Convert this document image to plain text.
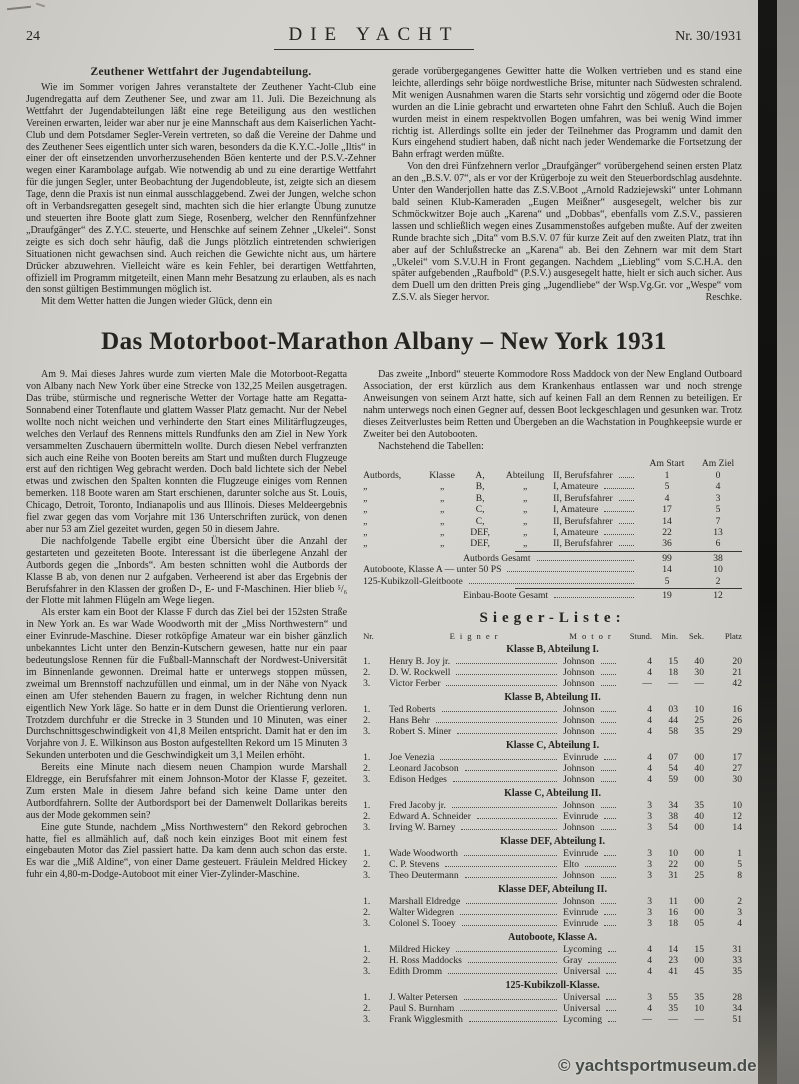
24	DIE YACHT	Nr. 30/1931
Zeuthener Wettfahrt der Jugendabteilung.

Wie im Sommer vorigen Jahres veranstaltete der Zeuthener Yacht-Club eine Jugendregatta auf dem Zeuthener See, und zwar am 11. Juli. Die Bezeichnung als Wettfahrt der Jugendabteilungen läßt eine rege Beteiligung aus den westlichen Vereinen erwarten, leider war aber nur je eine Mannschaft aus dem Kaiserlichen Yacht-Club und dem Potsdamer Segler-Verein vertreten, so daß die Vereine der Dahme und des Zeuthener Sees eigentlich unter sich waren, besonders da die K.Y.C.-Jolle „Iltis“ in einer der oft einsetzenden unvorherzusehenden Böen kenterte und der P.S.V.-Zehner wegen einer Karambolage aufgab. Wie notwendig ab und zu eine derartige Wettfahrt für die jungen Segler, unter Beobachtung der Jugendobleute, ist, zeigte sich an diesem Tage, denn die Praxis ist nun einmal ausschlaggebend. Zwei der Jungen, welche schon oft in Verbandsregatten gesegelt sind, machten sich die hier erlangte Übung zunutze und steuerten ihre Boote glatt zum Siege, Rosenberg, welcher den Rennfünfzehner „Draufgänger“ des Z.Y.C. steuerte, und Henschke auf seinem Zehner „Ukelei“. Sonst zeigte es sich doch sehr häufig, daß die Jungs plötzlich eintretenden schwierigen Situationen nicht gewachsen sind. Auch reichen die Gewichte nicht aus, um härtere Drücker abzuwehren. Vielleicht wäre es kein Fehler, bei derartigen Wettfahrten, offiziell im Programm mitgeteilt, einen Mann mehr Besatzung zu erlauben, als es nach den sonst gültigen Bestimmungen möglich ist.

Mit dem Wetter hatten die Jungen wieder Glück, denn ein

gerade vorübergegangenes Gewitter hatte die Wolken vertrieben und es stand eine leichte, allerdings sehr böige nordwestliche Brise, mitunter nach Südwesten schralend. Mit wenigen Ausnahmen waren die Starts sehr vorsichtig und zögernd oder die Boote wurden an die Linie gebracht und erwarteten ohne Fahrt den Schluß. Auch die Bojen wurden meist in einem respektvollen Bogen umfahren, was bei wenig Wind immer richtig ist. Allerdings sollte ein jeder der Teilnehmer das Programm und damit den Kurs eingehend studiert haben, daß nicht nach jeder Wendemarke die Fortsetzung der Bahn erfragt werden müßte.

Von den drei Fünfzehnern verlor „Draufgänger“ vorübergehend seinen ersten Platz an den „B.S.V. 07“, als er vor der Krügerboje zu weit den Steuerbordschlag ausdehnte. Unter den Wanderjollen hatte das Z.S.V.Boot „Arnold Radziejewski“ unter Lohmann bald seinen Klub-Kameraden „Eugen Meißner“ ausgesegelt, welcher bis zur Schmöckwitzer Boje auch „Karena“ und „Dobbas“, ebenfalls vom Z.S.V., passieren lassen und schließlich wegen eines Zusammenstoßes aufgeben mußte. Auf der zweiten Runde brachte sich „Dita“ vom B.S.V. 07 für kurze Zeit auf den zweiten Platz, trat ihn aber auf der Schlußstrecke an „Karena“ ab. Bei den Zehnern war mit dem Start „Ukelei“ vom S.V.U.H in Front gegangen. Nachdem „Liebling“ vom S.C.H.A. den später aufgebenden „Raufbold“ (P.S.V.) ausgesegelt hatte, hielt er sich auch sicher. Aus dem Duell um den dritten Preis ging „Jugendliebe“ der Wsp.Vg.Gr. vor „Wespe“ vom Z.S.V. als Sieger hervor.	Reschke.
Das Motorboot-Marathon Albany – New York 1931

Am 9. Mai dieses Jahres wurde zum vierten Male die Motorboot-Regatta von Albany nach New York über eine Strecke von 132,25 Meilen ausgetragen. Das trübe, stürmische und regnerische Wetter der Vortage hatte am Regatta-Sonnabend einer Totenflaute und glattem Wasser Platz gemacht. Nur der Nebel wollte noch nicht weichen und verhinderte den Start eines Militärflugzeuges, welches den Verlauf des Rennens mittels Rundfunks den am Ziel in New York versammelten Zuschauern übermitteln wollte. Durch diesen Nebel verfranzten sich auch eine Reihe von Booten bereits am Start und mußten durch Flugzeuge erst auf den richtigen Weg gebracht werden. Doch bald lichtete sich der Nebel etwas und zwischen den Spalten konnten die Flugzeuge einiges vom Rennen bemerken. 118 Boote waren am Start erschienen, darunter solche aus St. Louis, Chicago, Detroit, Toronto, Indianapolis und aus Illinois. Dieses Meldeergebnis fiel zwar gegen das vom Vorjahre mit 136 Unterschriften zurück, von denen aber nur 53 am Ziel gezeitet wurden, gegen 50 in diesem Jahre.

Die nachfolgende Tabelle ergibt eine Übersicht über die Anzahl der gestarteten und gezeiteten Boote. Interessant ist die überlegene Anzahl der Autbords gegen die „Inbords“. Am besten schnitten wohl die Autbords der Klasse B ab, von denen nur 2 aufgaben. Verheerend ist aber das Ergebnis der Berufsfahrer in den Klassen der großen D-, E- und F-Maschinen. Hier blieb ⁵/₆ der Flotte mit lahmen Flügeln am Wege liegen.

Als erster kam ein Boot der Klasse F durch das Ziel bei der 152sten Straße in New York an. Es war Wade Woodworth mit der „Miss Northwestern“ und einer Evinrude-Maschine. Dieser rotköpfige Amateur war ein bisher gänzlich unbekanntes Licht unter den Benzin-Kutschern gewesen, hatte nur ein paar bedeutungslose Rennen für die Fußball-Mannschaft der Nordwest-Universität im Binnenlande gewonnen. Dreimal hatte er unterwegs stoppen müssen, zweimal um Brennstoff nachzufüllen und einmal, um in der Nähe von Nyack einen am Ufer stehenden Bauern zu fragen, in welcher Richtung denn nun eigentlich New York läge. So hatte er in dem Dunst die Orientierung verloren. Trotzdem durchfuhr er die Strecke in 3 Stunden und 10 Minuten, was einer Durchschnittsgeschwindigkeit von 41,8 Meilen entspricht. Damit hat er den im Vorjahre von J. E. Wilkinson aus Boston aufgestellten Rekord um 15 Minuten 3 Sekunden unterboten und die Geschwindigkeit um 3,1 Meilen erhöht.

Bereits eine Minute nach diesem neuen Champion wurde Marshall Eldregge, ein Berufsfahrer mit einem Johnson-Motor der Klasse F, gezeitet. Zum ersten Male in diesem Jahre befand sich keine Dame unter den Autbordfahrern. Sollte der Autbordsport bei der Damenwelt Dollarikas bereits aus der Mode gekommen sein?

Eine gute Stunde, nachdem „Miss Northwestern“ den Rekord gebrochen hatte, fiel es allmählich auf, daß noch kein einziges Boot mit einem fest eingebauten Motor das Ziel passiert hatte. Da kam denn auch schon das erste. Es war die „Miß Aldine“, von einer Dame gesteuert. Fräulein Meldred Hickey fuhr ein 4,80-m-Dodge-Autoboot mit einer Vier-Zylinder-Maschine.

Das zweite „Inbord“ steuerte Kommodore Ross Maddock von der New England Outboard Association, der erst kürzlich aus dem Krankenhaus entlassen war und noch strenge Anweisungen von seinem Arzt hatte, sich auf keinen Fall an dem Rennen zu beteiligen. Er nahm unterwegs noch einen Gegner auf, dessen Boot leckgeschlagen und gesunken war. Trotz dieses Zeitverlustes beim Retten und Übergeben an die Wachstation in Poughkeepsie wurde er Zweiter bei den Autobooten.

Nachstehend die Tabellen:

Am Start	Am Ziel
Autbords,	Klasse	A,	Abteilung II, Berufsfahrer	1	0
„	„	B,	„	I, Amateure	5	4
„	„	B,	„	II, Berufsfahrer	4	3
„	„	C,	„	I, Amateure	17	5
„	„	C,	„	II, Berufsfahrer	14	7
„	„	DEF,	„	I, Amateure	22	13
„	„	DEF,	„	II, Berufsfahrer	36	6
Autbords Gesamt	99	38
Autoboote, Klasse A — unter 50 PS	14	10
125-Kubikzoll-Gleitboote	5	2
Einbau-Boote Gesamt	19	12
Sieger-Liste:
Nr.	Eigner	Motor	Stund.	Min.	Sek.	Platz
Klasse B, Abteilung I.
1.	Henry B. Joy jr.	Johnson	4	15	40	20
2.	D. W. Rockwell	Johnson	4	18	30	21
3.	Victor Ferber	Johnson	—	—	—	42
Klasse B, Abteilung II.
1.	Ted Roberts	Johnson	4	03	10	16
2.	Hans Behr	Johnson	4	44	25	26
3.	Robert S. Miner	Johnson	4	58	35	29
Klasse C, Abteilung I.
1.	Joe Venezia	Evinrude	4	07	00	17
2.	Leonard Jacobson	Johnson	4	54	40	27
3.	Edison Hedges	Johnson	4	59	00	30
Klasse C, Abteilung II.
1.	Fred Jacoby jr.	Johnson	3	34	35	10
2.	Edward A. Schneider	Evinrude	3	38	40	12
3.	Irving W. Barney	Johnson	3	54	00	14
Klasse DEF, Abteilung I.
1.	Wade Woodworth	Evinrude	3	10	00	1
2.	C. P. Stevens	Elto	3	22	00	5
3.	Theo Deutermann	Johnson	3	31	25	8
Klasse DEF, Abteilung II.
1.	Marshall Eldredge	Johnson	3	11	00	2
2.	Walter Widegren	Evinrude	3	16	00	3
3.	Colonel S. Tooey	Evinrude	3	18	05	4
Autoboote, Klasse A.
1.	Mildred Hickey	Lycoming	4	14	15	31
2.	H. Ross Maddocks	Gray	4	23	00	33
3.	Edith Dromm	Universal	4	41	45	35
125-Kubikzoll-Klasse.
1.	J. Walter Petersen	Universal	3	55	35	28
2.	Paul S. Burnham	Universal	4	35	10	34
3.	Frank Wigglesmith	Lycoming	—	—	—	51
© yachtsportmuseum.de
